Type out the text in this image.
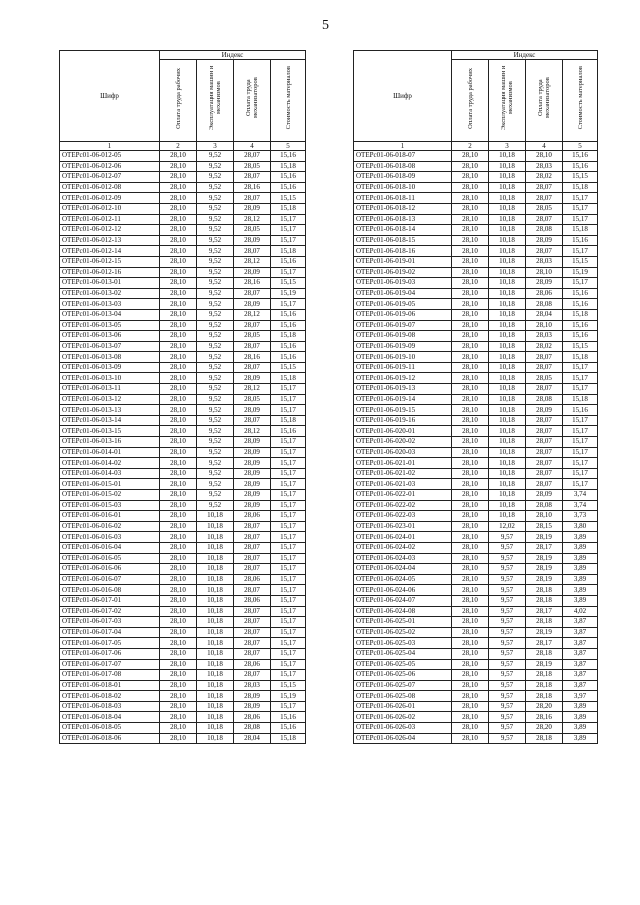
5
Шифр	Индекс			
	Оплата труда рабочих	Эксплуатация машин и механизмов	Оплата труда механизаторов	Стоимость материалов
1	2	3	4	5
ОТЕРс01-06-012-05	28,10	9,52	28,07	15,16
ОТЕРс01-06-012-06	28,10	9,52	28,05	15,18
ОТЕРс01-06-012-07	28,10	9,52	28,07	15,16
ОТЕРс01-06-012-08	28,10	9,52	28,16	15,16
ОТЕРс01-06-012-09	28,10	9,52	28,07	15,15
ОТЕРс01-06-012-10	28,10	9,52	28,09	15,18
ОТЕРс01-06-012-11	28,10	9,52	28,12	15,17
ОТЕРс01-06-012-12	28,10	9,52	28,05	15,17
ОТЕРс01-06-012-13	28,10	9,52	28,09	15,17
ОТЕРс01-06-012-14	28,10	9,52	28,07	15,18
ОТЕРс01-06-012-15	28,10	9,52	28,12	15,16
ОТЕРс01-06-012-16	28,10	9,52	28,09	15,17
ОТЕРс01-06-013-01	28,10	9,52	28,16	15,15
ОТЕРс01-06-013-02	28,10	9,52	28,07	15,19
ОТЕРс01-06-013-03	28,10	9,52	28,09	15,17
ОТЕРс01-06-013-04	28,10	9,52	28,12	15,16
ОТЕРс01-06-013-05	28,10	9,52	28,07	15,16
ОТЕРс01-06-013-06	28,10	9,52	28,05	15,18
ОТЕРс01-06-013-07	28,10	9,52	28,07	15,16
ОТЕРс01-06-013-08	28,10	9,52	28,16	15,16
ОТЕРс01-06-013-09	28,10	9,52	28,07	15,15
ОТЕРс01-06-013-10	28,10	9,52	28,09	15,18
ОТЕРс01-06-013-11	28,10	9,52	28,12	15,17
ОТЕРс01-06-013-12	28,10	9,52	28,05	15,17
ОТЕРс01-06-013-13	28,10	9,52	28,09	15,17
ОТЕРс01-06-013-14	28,10	9,52	28,07	15,18
ОТЕРс01-06-013-15	28,10	9,52	28,12	15,16
ОТЕРс01-06-013-16	28,10	9,52	28,09	15,17
ОТЕРс01-06-014-01	28,10	9,52	28,09	15,17
ОТЕРс01-06-014-02	28,10	9,52	28,09	15,17
ОТЕРс01-06-014-03	28,10	9,52	28,09	15,17
ОТЕРс01-06-015-01	28,10	9,52	28,09	15,17
ОТЕРс01-06-015-02	28,10	9,52	28,09	15,17
ОТЕРс01-06-015-03	28,10	9,52	28,09	15,17
ОТЕРс01-06-016-01	28,10	10,18	28,06	15,17
ОТЕРс01-06-016-02	28,10	10,18	28,07	15,17
ОТЕРс01-06-016-03	28,10	10,18	28,07	15,17
ОТЕРс01-06-016-04	28,10	10,18	28,07	15,17
ОТЕРс01-06-016-05	28,10	10,18	28,07	15,17
ОТЕРс01-06-016-06	28,10	10,18	28,07	15,17
ОТЕРс01-06-016-07	28,10	10,18	28,06	15,17
ОТЕРс01-06-016-08	28,10	10,18	28,07	15,17
ОТЕРс01-06-017-01	28,10	10,18	28,06	15,17
ОТЕРс01-06-017-02	28,10	10,18	28,07	15,17
ОТЕРс01-06-017-03	28,10	10,18	28,07	15,17
ОТЕРс01-06-017-04	28,10	10,18	28,07	15,17
ОТЕРс01-06-017-05	28,10	10,18	28,07	15,17
ОТЕРс01-06-017-06	28,10	10,18	28,07	15,17
ОТЕРс01-06-017-07	28,10	10,18	28,06	15,17
ОТЕРс01-06-017-08	28,10	10,18	28,07	15,17
ОТЕРс01-06-018-01	28,10	10,18	28,03	15,15
ОТЕРс01-06-018-02	28,10	10,18	28,09	15,19
ОТЕРс01-06-018-03	28,10	10,18	28,09	15,17
ОТЕРс01-06-018-04	28,10	10,18	28,06	15,16
ОТЕРс01-06-018-05	28,10	10,18	28,08	15,16
ОТЕРс01-06-018-06	28,10	10,18	28,04	15,18
Шифр	Индекс			
	Оплата труда рабочих	Эксплуатация машин и механизмов	Оплата труда механизаторов	Стоимость материалов
1	2	3	4	5
ОТЕРс01-06-018-07	28,10	10,18	28,10	15,16
ОТЕРс01-06-018-08	28,10	10,18	28,03	15,16
ОТЕРс01-06-018-09	28,10	10,18	28,02	15,15
ОТЕРс01-06-018-10	28,10	10,18	28,07	15,18
ОТЕРс01-06-018-11	28,10	10,18	28,07	15,17
ОТЕРс01-06-018-12	28,10	10,18	28,05	15,17
ОТЕРс01-06-018-13	28,10	10,18	28,07	15,17
ОТЕРс01-06-018-14	28,10	10,18	28,08	15,18
ОТЕРс01-06-018-15	28,10	10,18	28,09	15,16
ОТЕРс01-06-018-16	28,10	10,18	28,07	15,17
ОТЕРс01-06-019-01	28,10	10,18	28,03	15,15
ОТЕРс01-06-019-02	28,10	10,18	28,10	15,19
ОТЕРс01-06-019-03	28,10	10,18	28,09	15,17
ОТЕРс01-06-019-04	28,10	10,18	28,06	15,16
ОТЕРс01-06-019-05	28,10	10,18	28,08	15,16
ОТЕРс01-06-019-06	28,10	10,18	28,04	15,18
ОТЕРс01-06-019-07	28,10	10,18	28,10	15,16
ОТЕРс01-06-019-08	28,10	10,18	28,03	15,16
ОТЕРс01-06-019-09	28,10	10,18	28,02	15,15
ОТЕРс01-06-019-10	28,10	10,18	28,07	15,18
ОТЕРс01-06-019-11	28,10	10,18	28,07	15,17
ОТЕРс01-06-019-12	28,10	10,18	28,05	15,17
ОТЕРс01-06-019-13	28,10	10,18	28,07	15,17
ОТЕРс01-06-019-14	28,10	10,18	28,08	15,18
ОТЕРс01-06-019-15	28,10	10,18	28,09	15,16
ОТЕРс01-06-019-16	28,10	10,18	28,07	15,17
ОТЕРс01-06-020-01	28,10	10,18	28,07	15,17
ОТЕРс01-06-020-02	28,10	10,18	28,07	15,17
ОТЕРс01-06-020-03	28,10	10,18	28,07	15,17
ОТЕРс01-06-021-01	28,10	10,18	28,07	15,17
ОТЕРс01-06-021-02	28,10	10,18	28,07	15,17
ОТЕРс01-06-021-03	28,10	10,18	28,07	15,17
ОТЕРс01-06-022-01	28,10	10,18	28,09	3,74
ОТЕРс01-06-022-02	28,10	10,18	28,08	3,74
ОТЕРс01-06-022-03	28,10	10,18	28,10	3,73
ОТЕРс01-06-023-01	28,10	12,02	28,15	3,80
ОТЕРс01-06-024-01	28,10	9,57	28,19	3,89
ОТЕРс01-06-024-02	28,10	9,57	28,17	3,89
ОТЕРс01-06-024-03	28,10	9,57	28,19	3,89
ОТЕРс01-06-024-04	28,10	9,57	28,19	3,89
ОТЕРс01-06-024-05	28,10	9,57	28,19	3,89
ОТЕРс01-06-024-06	28,10	9,57	28,18	3,89
ОТЕРс01-06-024-07	28,10	9,57	28,18	3,89
ОТЕРс01-06-024-08	28,10	9,57	28,17	4,02
ОТЕРс01-06-025-01	28,10	9,57	28,18	3,87
ОТЕРс01-06-025-02	28,10	9,57	28,19	3,87
ОТЕРс01-06-025-03	28,10	9,57	28,17	3,87
ОТЕРс01-06-025-04	28,10	9,57	28,18	3,87
ОТЕРс01-06-025-05	28,10	9,57	28,19	3,87
ОТЕРс01-06-025-06	28,10	9,57	28,18	3,87
ОТЕРс01-06-025-07	28,10	9,57	28,18	3,87
ОТЕРс01-06-025-08	28,10	9,57	28,18	3,97
ОТЕРс01-06-026-01	28,10	9,57	28,20	3,89
ОТЕРс01-06-026-02	28,10	9,57	28,16	3,89
ОТЕРс01-06-026-03	28,10	9,57	28,20	3,89
ОТЕРс01-06-026-04	28,10	9,57	28,18	3,89
